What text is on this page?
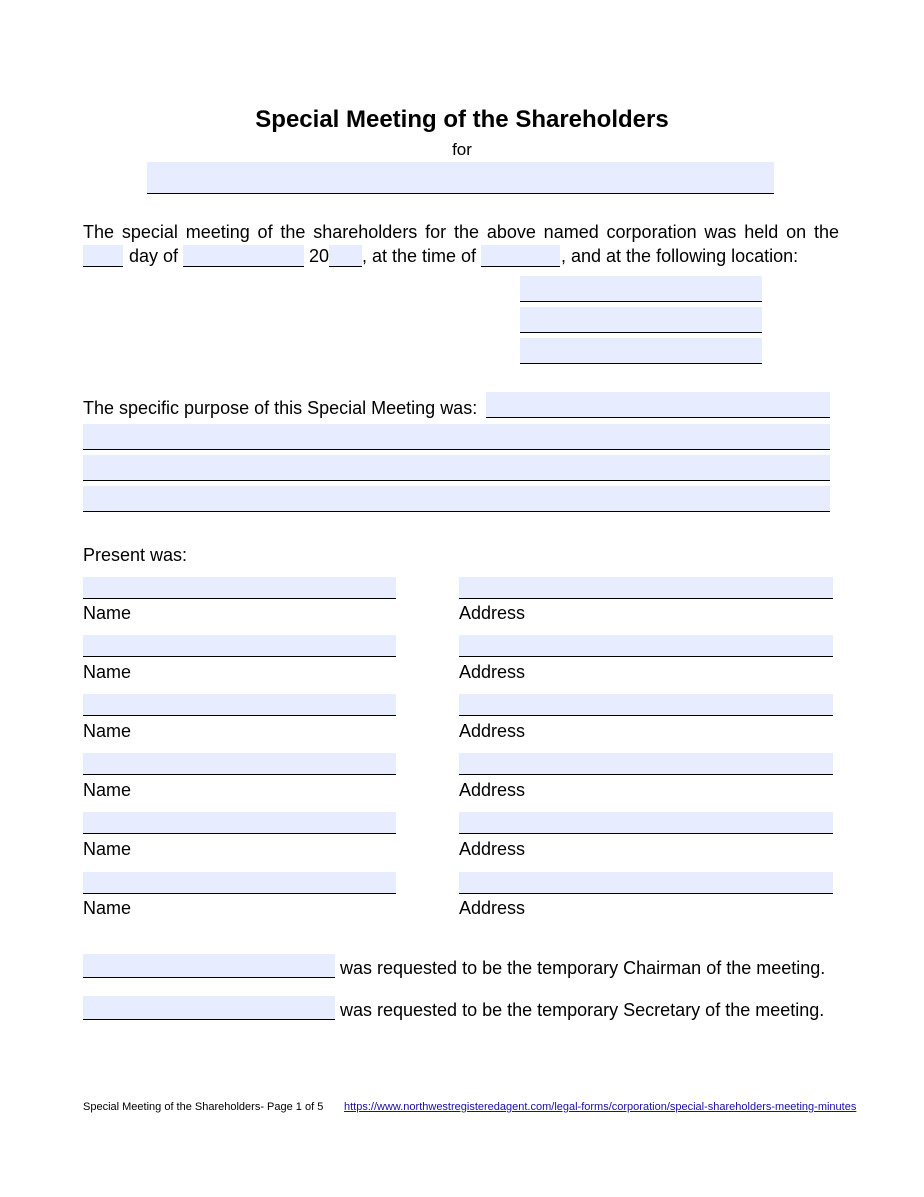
Special Meeting of the Shareholders
for
The special meeting of the shareholders for the above named corporation was held on the
day of	20 , at the time of	, and at the following location:
The specific purpose of this Special Meeting was:
Present was:
Name	Address
Name	Address
Name	Address
Name	Address
Name	Address
Name	Address
was requested to be the temporary Chairman of the meeting.
was requested to be the temporary Secretary of the meeting.
Special Meeting of the Shareholders- Page 1 of 5 https://www.northwestregisteredagent.com/legal-forms/corporation/special-shareholders-meeting-minutes
